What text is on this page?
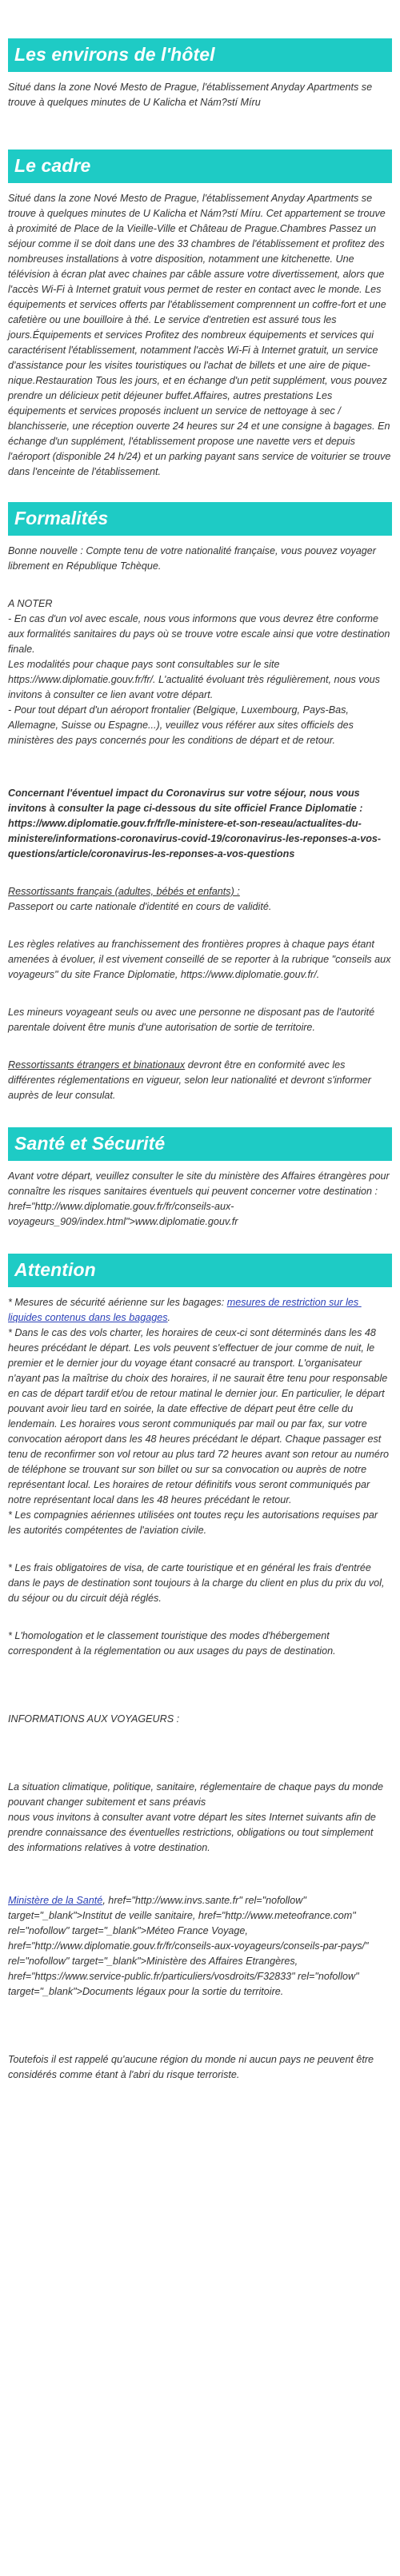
Les environs de l'hôtel

Situé dans la zone Nové Mesto de Prague, l'établissement Anyday Apartments se trouve à quelques minutes de U Kalicha et Nám?stí Míru

Le cadre

Situé dans la zone Nové Mesto de Prague, l'établissement Anyday Apartments se trouve à quelques minutes de U Kalicha et Nám?stí Míru. Cet appartement se trouve à proximité de Place de la Vieille-Ville et Château de Prague.Chambres Passez un séjour comme il se doit dans une des 33 chambres de l'établissement et profitez des nombreuses installations à votre disposition, notamment une kitchenette. Une télévision à écran plat avec chaines par câble assure votre divertissement, alors que l'accès Wi-Fi à Internet gratuit vous permet de rester en contact avec le monde. Les équipements et services offerts par l'établissement comprennent un coffre-fort et une cafetière ou une bouilloire à thé. Le service d'entretien est assuré tous les jours.Équipements et services Profitez des nombreux équipements et services qui caractérisent l'établissement, notamment l'accès Wi-Fi à Internet gratuit, un service d'assistance pour les visites touristiques ou l'achat de billets et une aire de pique-nique.Restauration Tous les jours, et en échange d'un petit supplément, vous pouvez prendre un délicieux petit déjeuner buffet.Affaires, autres prestations Les équipements et services proposés incluent un service de nettoyage à sec / blanchisserie, une réception ouverte 24 heures sur 24 et une consigne à bagages. En échange d'un supplément, l'établissement propose une navette vers et depuis l'aéroport (disponible 24 h/24) et un parking payant sans service de voiturier se trouve dans l'enceinte de l'établissement.

Formalités

Bonne nouvelle : Compte tenu de votre nationalité française, vous pouvez voyager librement en République Tchèque.

A NOTER
- En cas d'un vol avec escale, nous vous informons que vous devrez être conforme aux formalités sanitaires du pays où se trouve votre escale ainsi que votre destination finale.
Les modalités pour chaque pays sont consultables sur le site https://www.diplomatie.gouv.fr/fr/. L'actualité évoluant très régulièrement, nous vous invitons à consulter ce lien avant votre départ.
- Pour tout départ d'un aéroport frontalier (Belgique, Luxembourg, Pays-Bas, Allemagne, Suisse ou Espagne...), veuillez vous référer aux sites officiels des ministères des pays concernés pour les conditions de départ et de retour.

Concernant l'éventuel impact du Coronavirus sur votre séjour, nous vous invitons à consulter la page ci-dessous du site officiel France Diplomatie : https://www.diplomatie.gouv.fr/fr/le-ministere-et-son-reseau/actualites-du-ministere/informations-coronavirus-covid-19/coronavirus-les-reponses-a-vos-questions/article/coronavirus-les-reponses-a-vos-questions

Ressortissants français (adultes, bébés et enfants) :
Passeport ou carte nationale d'identité en cours de validité.

Les règles relatives au franchissement des frontières propres à chaque pays étant amenées à évoluer, il est vivement conseillé de se reporter à la rubrique "conseils aux voyageurs" du site France Diplomatie, https://www.diplomatie.gouv.fr/.

Les mineurs voyageant seuls ou avec une personne ne disposant pas de l'autorité parentale doivent être munis d'une autorisation de sortie de territoire.

Ressortissants étrangers et binationaux devront être en conformité avec les différentes réglementations en vigueur, selon leur nationalité et devront s'informer auprès de leur consulat.

Santé et Sécurité

Avant votre départ, veuillez consulter le site du ministère des Affaires étrangères pour connaître les risques sanitaires éventuels qui peuvent concerner votre destination : href="http://www.diplomatie.gouv.fr/fr/conseils-aux-voyageurs_909/index.html">www.diplomatie.gouv.fr

Attention

* Mesures de sécurité aérienne sur les bagages: mesures de restriction sur les liquides contenus dans les bagages.

* Dans le cas des vols charter, les horaires de ceux-ci sont déterminés dans les 48 heures précédant le départ. Les vols peuvent s'effectuer de jour comme de nuit, le premier et le dernier jour du voyage étant consacré au transport. L'organisateur n'ayant pas la maîtrise du choix des horaires, il ne saurait être tenu pour responsable en cas de départ tardif et/ou de retour matinal le dernier jour. En particulier, le départ pouvant avoir lieu tard en soirée, la date effective de départ peut être celle du lendemain. Les horaires vous seront communiqués par mail ou par fax, sur votre convocation aéroport dans les 48 heures précédant le départ. Chaque passager est tenu de reconfirmer son vol retour au plus tard 72 heures avant son retour au numéro de téléphone se trouvant sur son billet ou sur sa convocation ou auprès de notre représentant local. Les horaires de retour définitifs vous seront communiqués par notre représentant local dans les 48 heures précédant le retour.

* Les compagnies aériennes utilisées ont toutes reçu les autorisations requises par les autorités compétentes de l'aviation civile.

* Les frais obligatoires de visa, de carte touristique et en général les frais d'entrée dans le pays de destination sont toujours à la charge du client en plus du prix du vol, du séjour ou du circuit déjà réglés.

* L'homologation et le classement touristique des modes d'hébergement correspondent à la réglementation ou aux usages du pays de destination.

INFORMATIONS AUX VOYAGEURS :

La situation climatique, politique, sanitaire, réglementaire de chaque pays du monde pouvant changer subitement et sans préavis
nous vous invitons à consulter avant votre départ les sites Internet suivants afin de prendre connaissance des éventuelles restrictions, obligations ou tout simplement des informations relatives à votre destination.

Ministère de la Santé, href="http://www.invs.sante.fr" rel="nofollow" target="_blank">Institut de veille sanitaire, href="http://www.meteofrance.com" rel="nofollow" target="_blank">Méteo France Voyage, href="http://www.diplomatie.gouv.fr/fr/conseils-aux-voyageurs/conseils-par-pays/" rel="nofollow" target="_blank">Ministère des Affaires Etrangères, href="https://www.service-public.fr/particuliers/vosdroits/F32833" rel="nofollow" target="_blank">Documents légaux pour la sortie du territoire.

Toutefois il est rappelé qu'aucune région du monde ni aucun pays ne peuvent être considérés comme étant à l'abri du risque terroriste.
